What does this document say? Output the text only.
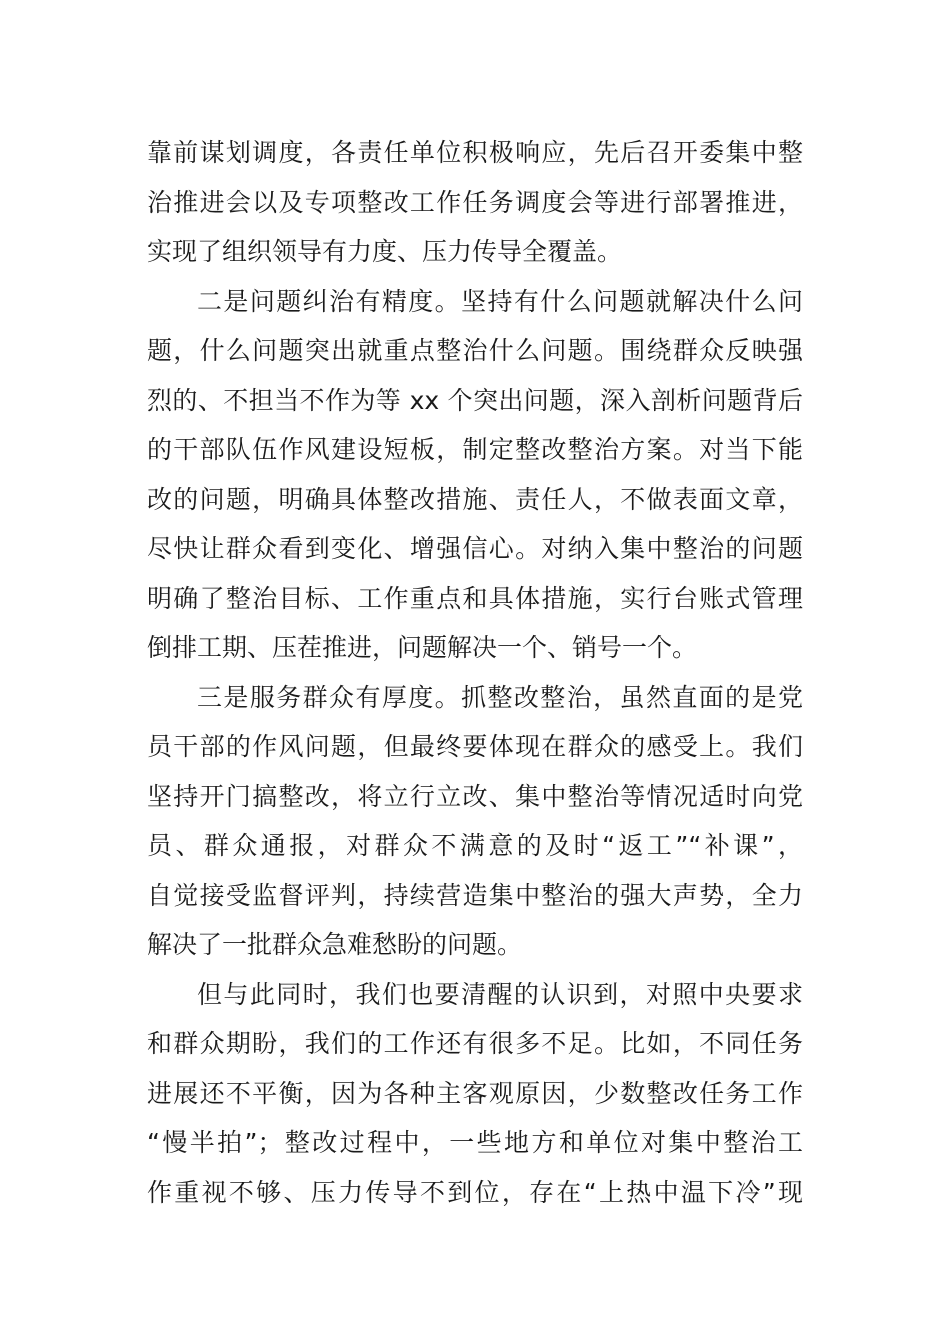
靠前谋划调度，各责任单位积极响应，先后召开委集中整
治推进会以及专项整改工作任务调度会等进行部署推进，
实现了组织领导有力度、压力传导全覆盖。
二是问题纠治有精度。坚持有什么问题就解决什么问
题，什么问题突出就重点整治什么问题。围绕群众反映强
烈的、不担当不作为等 xx 个突出问题，深入剖析问题背后
的干部队伍作风建设短板，制定整改整治方案。对当下能
改的问题，明确具体整改措施、责任人，不做表面文章，
尽快让群众看到变化、增强信心。对纳入集中整治的问题
明确了整治目标、工作重点和具体措施，实行台账式管理
倒排工期、压茬推进，问题解决一个、销号一个。
三是服务群众有厚度。抓整改整治，虽然直面的是党
员干部的作风问题，但最终要体现在群众的感受上。我们
坚持开门搞整改，将立行立改、集中整治等情况适时向党
员、群众通报，对群众不满意的及时“返工”“补课”，
自觉接受监督评判，持续营造集中整治的强大声势，全力
解决了一批群众急难愁盼的问题。
但与此同时，我们也要清醒的认识到，对照中央要求
和群众期盼，我们的工作还有很多不足。比如，不同任务
进展还不平衡，因为各种主客观原因，少数整改任务工作
“慢半拍”；整改过程中，一些地方和单位对集中整治工
作重视不够、压力传导不到位，存在“上热中温下冷”现
